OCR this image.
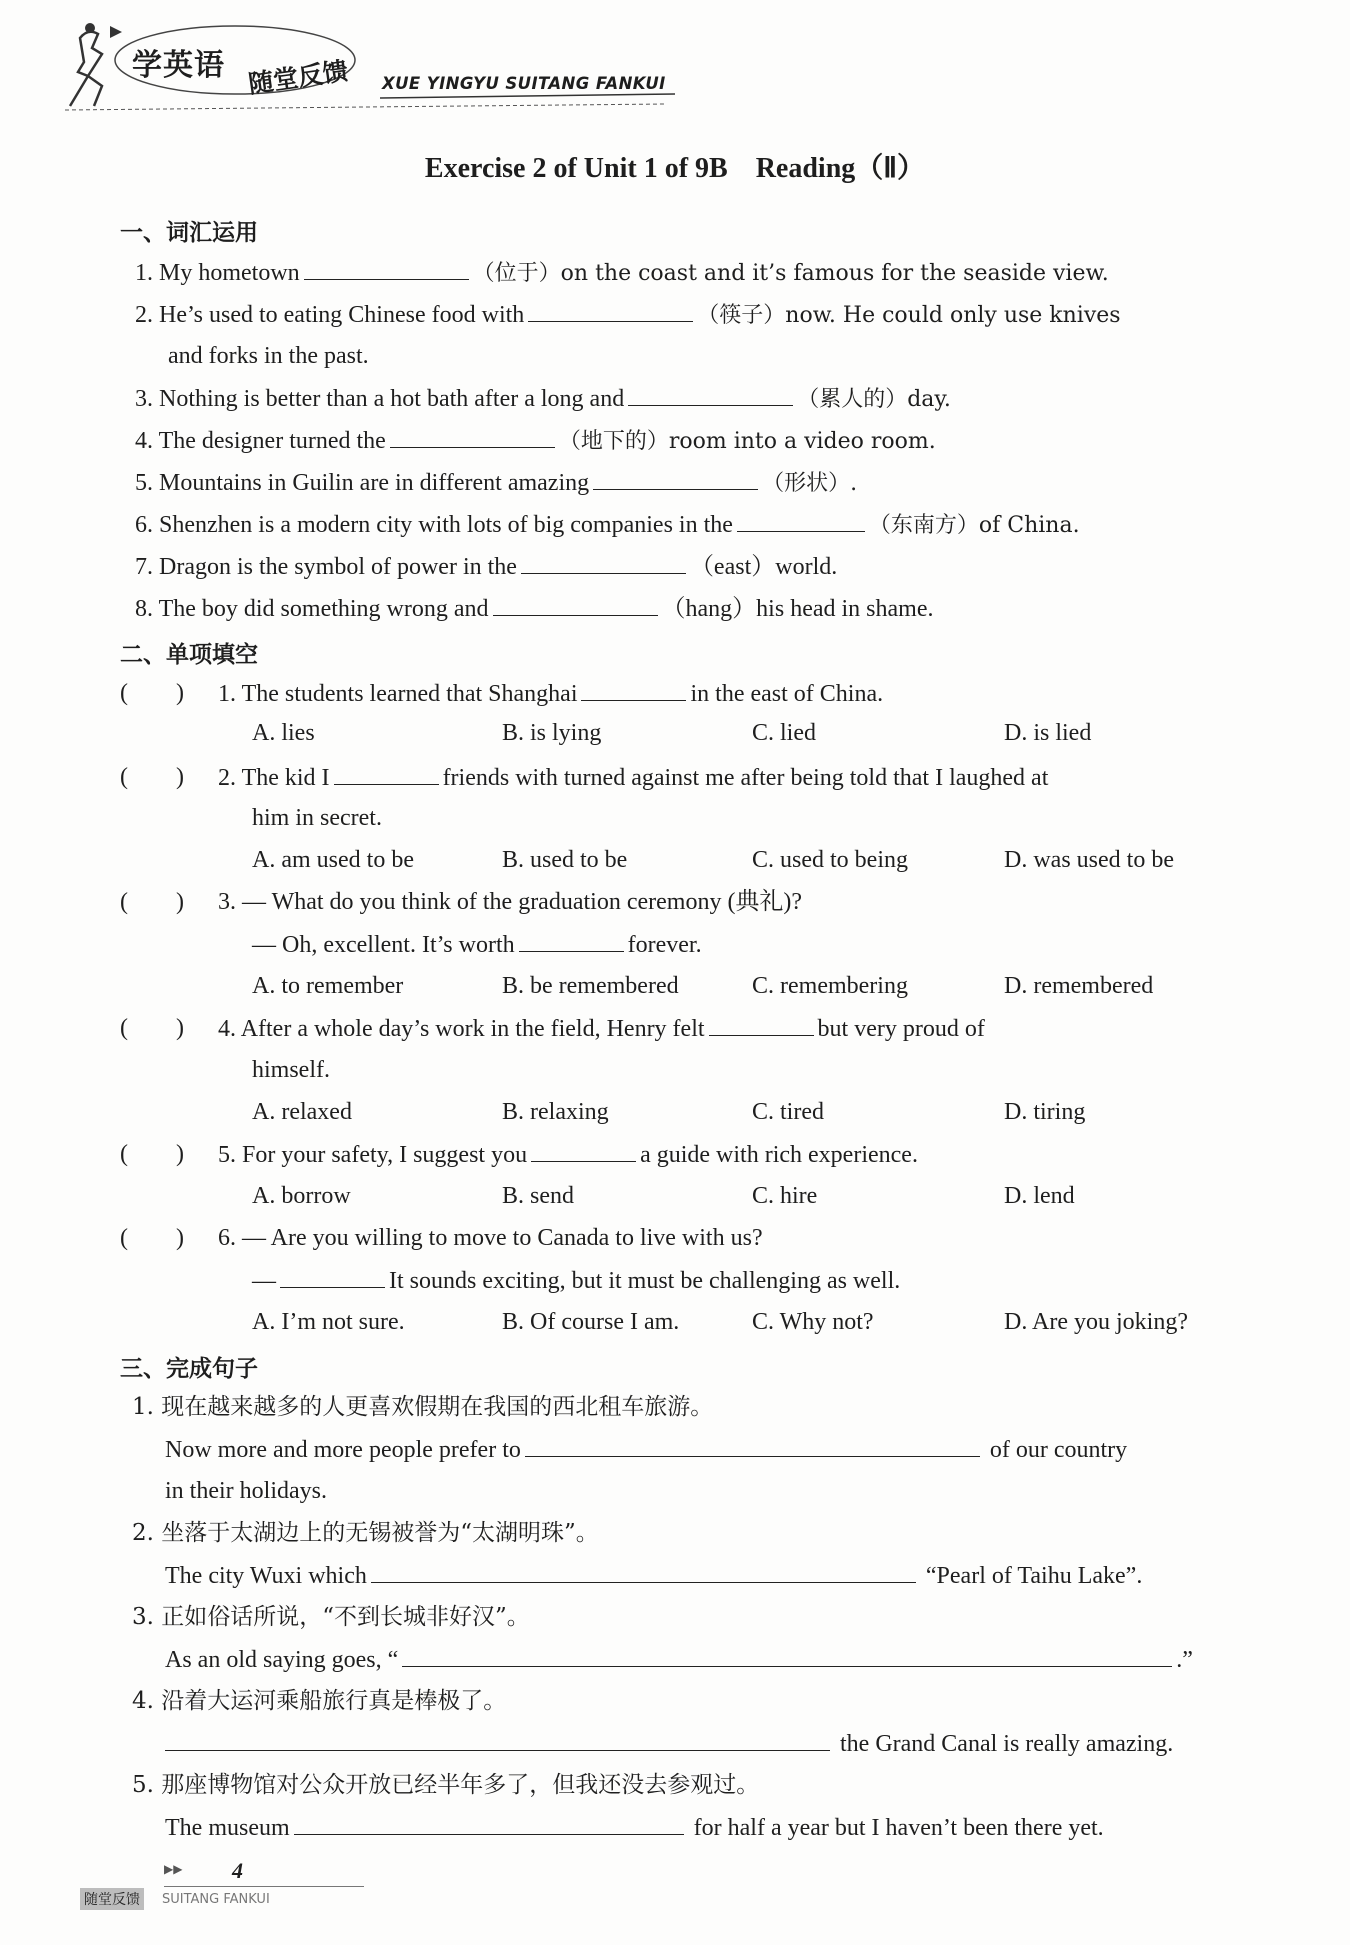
学英语 随堂反馈 XUE YINGYU SUITANG FANKUI
Exercise 2 of Unit 1 of 9B　Reading（Ⅱ）
一、词汇运用
1. My hometown	（位于）on the coast and it’s famous for the seaside view.
2. He’s used to eating Chinese food with	（筷子）now. He could only use knives
and forks in the past.
3. Nothing is better than a hot bath after a long and	（累人的）day.
4. The designer turned the	（地下的）room into a video room.
5. Mountains in Guilin are in different amazing	（形状）.
6. Shenzhen is a modern city with lots of big companies in the	（东南方）of China.
7. Dragon is the symbol of power in the	（east）world.
8. The boy did something wrong and	（hang）his head in shame.
二、单项填空
(　　) 1. The students learned that Shanghai	in the east of China.
A. lies	B. is lying	C. lied	D. is lied
(　　) 2. The kid I	friends with turned against me after being told that I laughed at
him in secret.
A. am used to be	B. used to be	C. used to being	D. was used to be
(　　) 3. — What do you think of the graduation ceremony (典礼)?
— Oh, excellent. It’s worth	forever.
A. to remember	B. be remembered	C. remembering	D. remembered
(　　) 4. After a whole day’s work in the field, Henry felt	but very proud of
himself.
A. relaxed	B. relaxing	C. tired	D. tiring
(　　) 5. For your safety, I suggest you	a guide with rich experience.
A. borrow	B. send	C. hire	D. lend
(　　) 6. — Are you willing to move to Canada to live with us?
—	It sounds exciting, but it must be challenging as well.
A. I’m not sure.	B. Of course I am.	C. Why not?	D. Are you joking?
三、完成句子
1. 现在越来越多的人更喜欢假期在我国的西北租车旅游。
Now more and more people prefer to	of our country
in their holidays.
2. 坐落于太湖边上的无锡被誉为“太湖明珠”。
The city Wuxi which	“Pearl of Taihu Lake”.
3. 正如俗话所说，“不到长城非好汉”。
As an old saying goes, “	.”
4. 沿着大运河乘船旅行真是棒极了。
the Grand Canal is really amazing.
5. 那座博物馆对公众开放已经半年多了，但我还没去参观过。
The museum	for half a year but I haven’t been there yet.
▶▶ 4
随堂反馈	SUITANG FANKUI
